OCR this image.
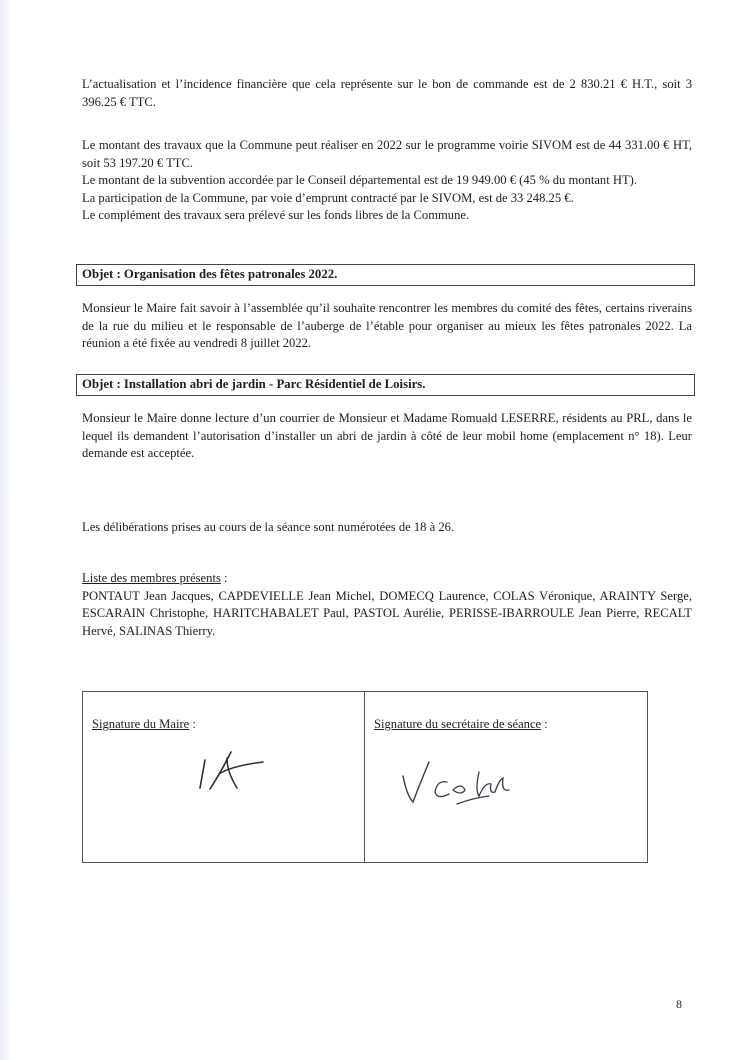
L’actualisation et l’incidence financière que cela représente sur le bon de commande est de 2 830.21 € H.T., soit 3 396.25 € TTC.

Le montant des travaux que la Commune peut réaliser en 2022 sur le programme voirie SIVOM est de 44 331.00 € HT, soit 53 197.20 € TTC.

Le montant de la subvention accordée par le Conseil départemental est de 19 949.00 € (45 % du montant HT).

La participation de la Commune, par voie d’emprunt contracté par le SIVOM, est de 33 248.25 €.

Le complément des travaux sera prélevé sur les fonds libres de la Commune.

Objet : Organisation des fêtes patronales 2022.

Monsieur le Maire fait savoir à l’assemblée qu’il souhaite rencontrer les membres du comité des fêtes, certains riverains de la rue du milieu et le responsable de l’auberge de l’étable pour organiser au mieux les fêtes patronales 2022. La réunion a été fixée au vendredi 8 juillet 2022.

Objet : Installation abri de jardin - Parc Résidentiel de Loisirs.

Monsieur le Maire donne lecture d’un courrier de Monsieur et Madame Romuald LESERRE, résidents au PRL, dans le lequel ils demandent l’autorisation d’installer un abri de jardin à côté de leur mobil home (emplacement n° 18). Leur demande est acceptée.

Les délibérations prises au cours de la séance sont numérotées de 18 à 26.

Liste des membres présents :

PONTAUT Jean Jacques, CAPDEVIELLE Jean Michel, DOMECQ Laurence, COLAS Véronique, ARAINTY Serge, ESCARAIN Christophe, HARITCHABALET Paul, PASTOL Aurélie, PERISSE-IBARROULE Jean Pierre, RECALT Hervé, SALINAS Thierry.

Signature du Maire :	Signature du secrétaire de séance :
8
